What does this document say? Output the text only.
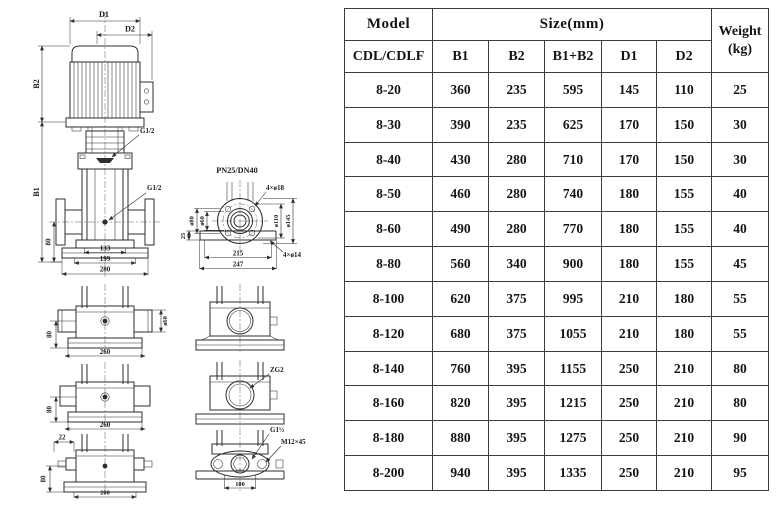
D1
D2
G1/2
G1/2
133
199
280
B2
B1
80
PN25/DN40
25
ø80 ø60	ø110 ø145
4×ø18
4×ø14
215
247
80
ø60
260
80
260
22
80
200
ZG2
G1½
M12×45
100
Model	Size(mm)					Weight
(kg)

CDL/CDLF	B1	B2	B1+B2	D1	D2	
8-20	360	235	595	145	110	25
8-30	390	235	625	170	150	30
8-40	430	280	710	170	150	30
8-50	460	280	740	180	155	40
8-60	490	280	770	180	155	40
8-80	560	340	900	180	155	45
8-100	620	375	995	210	180	55
8-120	680	375	1055	210	180	55
8-140	760	395	1155	250	210	80
8-160	820	395	1215	250	210	80
8-180	880	395	1275	250	210	90
8-200	940	395	1335	250	210	95
